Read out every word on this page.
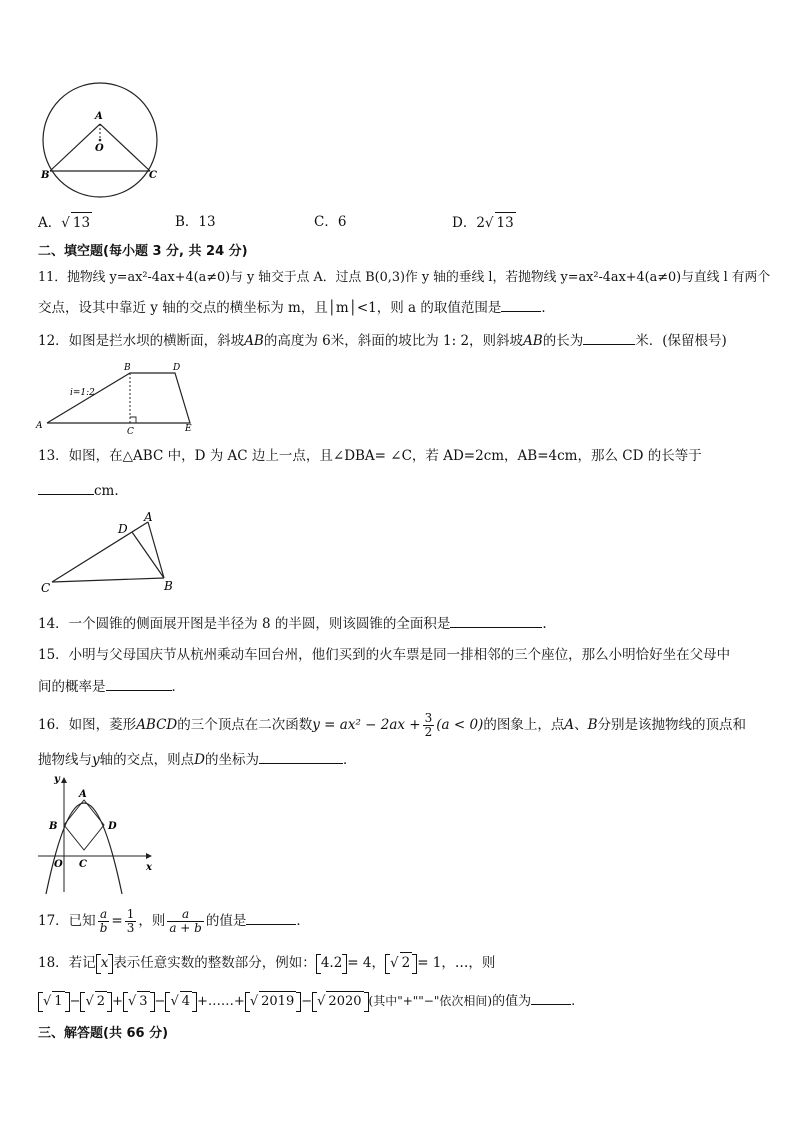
A
O
B	C
A．√ 13	B．13	C．6	D．2√ 13
二、填空题(每小题 3 分, 共 24 分)
11．抛物线 y=ax²-4ax+4(a≠0)与 y 轴交于点 A．过点 B(0,3)作 y 轴的垂线 l，若抛物线 y=ax²-4ax+4(a≠0)与直线 l 有两个
交点，设其中靠近 y 轴的交点的横坐标为 m，且│m│<1，则 a 的取值范围是	．
12．如图是拦水坝的横断面，斜坡AB的高度为 6米，斜面的坡比为 1: 2，则斜坡AB的长为	米．(保留根号)
i=1:2
A
B
C
D
E
13．如图，在△ABC 中，D 为 AC 边上一点，且∠DBA= ∠C，若 AD=2cm，AB=4cm，那么 CD 的长等于
cm.
A
D
C	B
14．一个圆锥的侧面展开图是半径为 8 的半圆，则该圆锥的全面积是	.
15．小明与父母国庆节从杭州乘动车回台州，他们买到的火车票是同一排相邻的三个座位，那么小明恰好坐在父母中
间的概率是	．
16．如图，菱形ABCD的三个顶点在二次函数$y = ax^2 - 2ax + \frac{3}{2} (a < 0)$的图象上，点A、B分别是该抛物线的顶点和
抛物线与y轴的交点，则点D的坐标为	．
y
x
A
B	D
C
O
17．已知 $\frac{a}{b} = \frac{1}{3}$ ，则 $\frac{a}{a + b}$ 的值是	．
18．若记 x 表示任意实数的整数部分，例如： 4.2 = 4， √ 2 = 1，…，则
√ 1 − √ 2 + √ 3 − √ 4 +……+ √ 2019 − √ 2020 (其中"+""−"依次相间)的值为	.
三、解答题(共 66 分)
